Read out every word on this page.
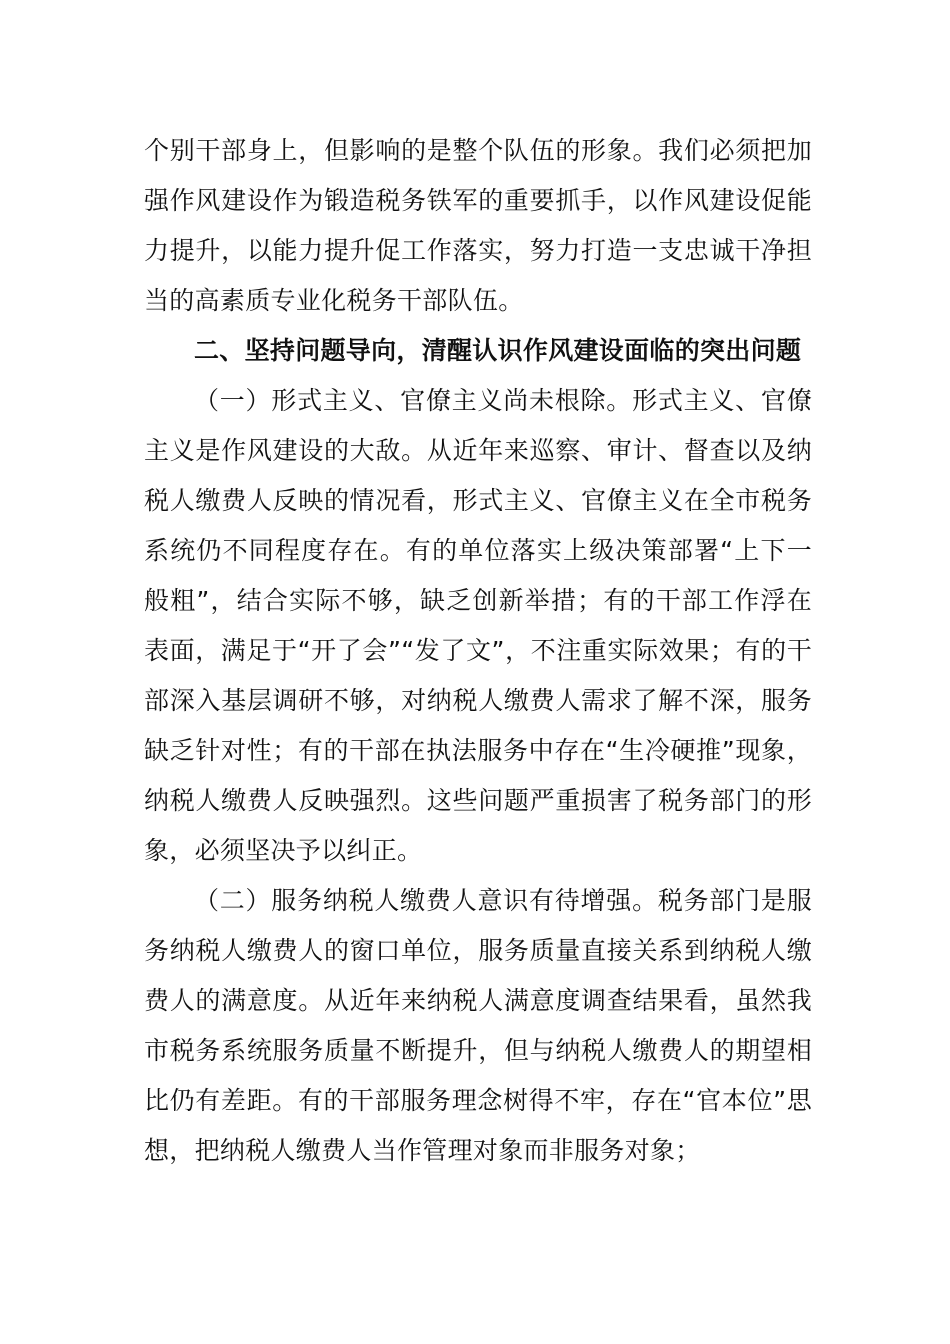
个别干部身上，但影响的是整个队伍的形象。我们必须把加强作风建设作为锻造税务铁军的重要抓手，以作风建设促能力提升，以能力提升促工作落实，努力打造一支忠诚干净担当的高素质专业化税务干部队伍。

二、坚持问题导向，清醒认识作风建设面临的突出问题

（一）形式主义、官僚主义尚未根除。形式主义、官僚主义是作风建设的大敌。从近年来巡察、审计、督查以及纳税人缴费人反映的情况看，形式主义、官僚主义在全市税务系统仍不同程度存在。有的单位落实上级决策部署“上下一般粗”，结合实际不够，缺乏创新举措；有的干部工作浮在表面，满足于“开了会”“发了文”，不注重实际效果；有的干部深入基层调研不够，对纳税人缴费人需求了解不深，服务缺乏针对性；有的干部在执法服务中存在“生冷硬推”现象，纳税人缴费人反映强烈。这些问题严重损害了税务部门的形象，必须坚决予以纠正。

（二）服务纳税人缴费人意识有待增强。税务部门是服务纳税人缴费人的窗口单位，服务质量直接关系到纳税人缴费人的满意度。从近年来纳税人满意度调查结果看，虽然我市税务系统服务质量不断提升，但与纳税人缴费人的期望相比仍有差距。有的干部服务理念树得不牢，存在“官本位”思想，把纳税人缴费人当作管理对象而非服务对象；
